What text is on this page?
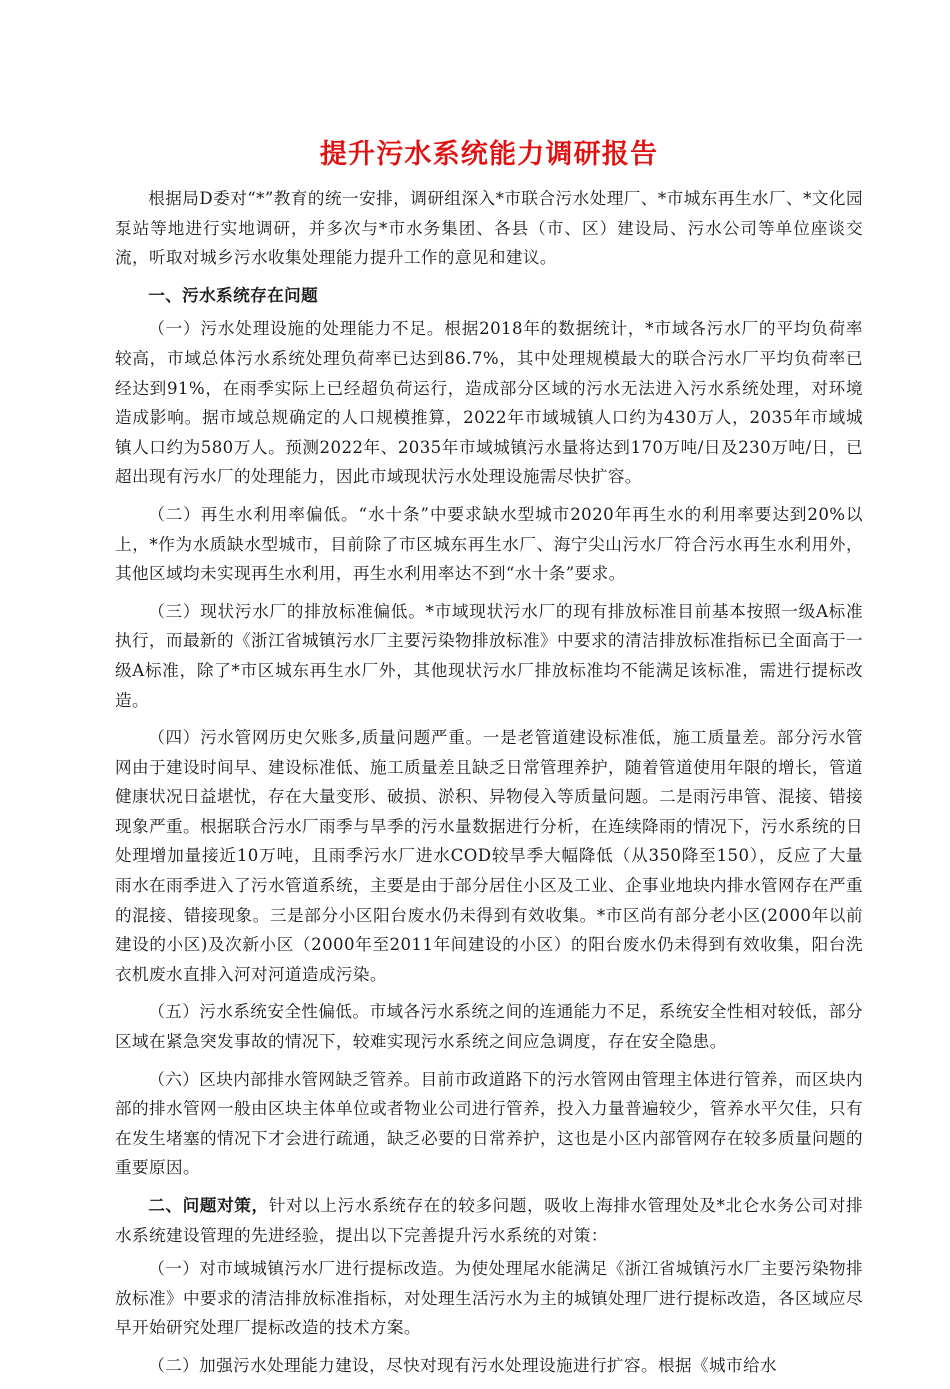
提升污水系统能力调研报告

根据局D委对“*”教育的统一安排，调研组深入*市联合污水处理厂、*市城东再生水厂、*文化园泵站等地进行实地调研，并多次与*市水务集团、各县（市、区）建设局、污水公司等单位座谈交流，听取对城乡污水收集处理能力提升工作的意见和建议。

一、污水系统存在问题

（一）污水处理设施的处理能力不足。根据2018年的数据统计，*市域各污水厂的平均负荷率较高，市域总体污水系统处理负荷率已达到86.7%，其中处理规模最大的联合污水厂平均负荷率已经达到91%，在雨季实际上已经超负荷运行，造成部分区域的污水无法进入污水系统处理，对环境造成影响。据市域总规确定的人口规模推算，2022年市域城镇人口约为430万人，2035年市域城镇人口约为580万人。预测2022年、2035年市域城镇污水量将达到170万吨/日及230万吨/日，已超出现有污水厂的处理能力，因此市域现状污水处理设施需尽快扩容。

（二）再生水利用率偏低。“水十条”中要求缺水型城市2020年再生水的利用率要达到20%以上，*作为水质缺水型城市，目前除了市区城东再生水厂、海宁尖山污水厂符合污水再生水利用外，其他区域均未实现再生水利用，再生水利用率达不到“水十条”要求。

（三）现状污水厂的排放标准偏低。*市域现状污水厂的现有排放标准目前基本按照一级A标准执行，而最新的《浙江省城镇污水厂主要污染物排放标准》中要求的清洁排放标准指标已全面高于一级A标准，除了*市区城东再生水厂外，其他现状污水厂排放标准均不能满足该标准，需进行提标改造。

（四）污水管网历史欠账多,质量问题严重。一是老管道建设标准低，施工质量差。部分污水管网由于建设时间早、建设标准低、施工质量差且缺乏日常管理养护，随着管道使用年限的增长，管道健康状况日益堪忧，存在大量变形、破损、淤积、异物侵入等质量问题。二是雨污串管、混接、错接现象严重。根据联合污水厂雨季与旱季的污水量数据进行分析，在连续降雨的情况下，污水系统的日处理增加量接近10万吨，且雨季污水厂进水COD较旱季大幅降低（从350降至150），反应了大量雨水在雨季进入了污水管道系统，主要是由于部分居住小区及工业、企事业地块内排水管网存在严重的混接、错接现象。三是部分小区阳台废水仍未得到有效收集。*市区尚有部分老小区(2000年以前建设的小区)及次新小区（2000年至2011年间建设的小区）的阳台废水仍未得到有效收集，阳台洗衣机废水直排入河对河道造成污染。

（五）污水系统安全性偏低。市域各污水系统之间的连通能力不足，系统安全性相对较低，部分区域在紧急突发事故的情况下，较难实现污水系统之间应急调度，存在安全隐患。

（六）区块内部排水管网缺乏管养。目前市政道路下的污水管网由管理主体进行管养，而区块内部的排水管网一般由区块主体单位或者物业公司进行管养，投入力量普遍较少，管养水平欠佳，只有在发生堵塞的情况下才会进行疏通，缺乏必要的日常养护，这也是小区内部管网存在较多质量问题的重要原因。

二、问题对策，针对以上污水系统存在的较多问题，吸收上海排水管理处及*北仑水务公司对排水系统建设管理的先进经验，提出以下完善提升污水系统的对策：

（一）对市域城镇污水厂进行提标改造。为使处理尾水能满足《浙江省城镇污水厂主要污染物排放标准》中要求的清洁排放标准指标，对处理生活污水为主的城镇处理厂进行提标改造，各区域应尽早开始研究处理厂提标改造的技术方案。

（二）加强污水处理能力建设，尽快对现有污水处理设施进行扩容。根据《城市给水
